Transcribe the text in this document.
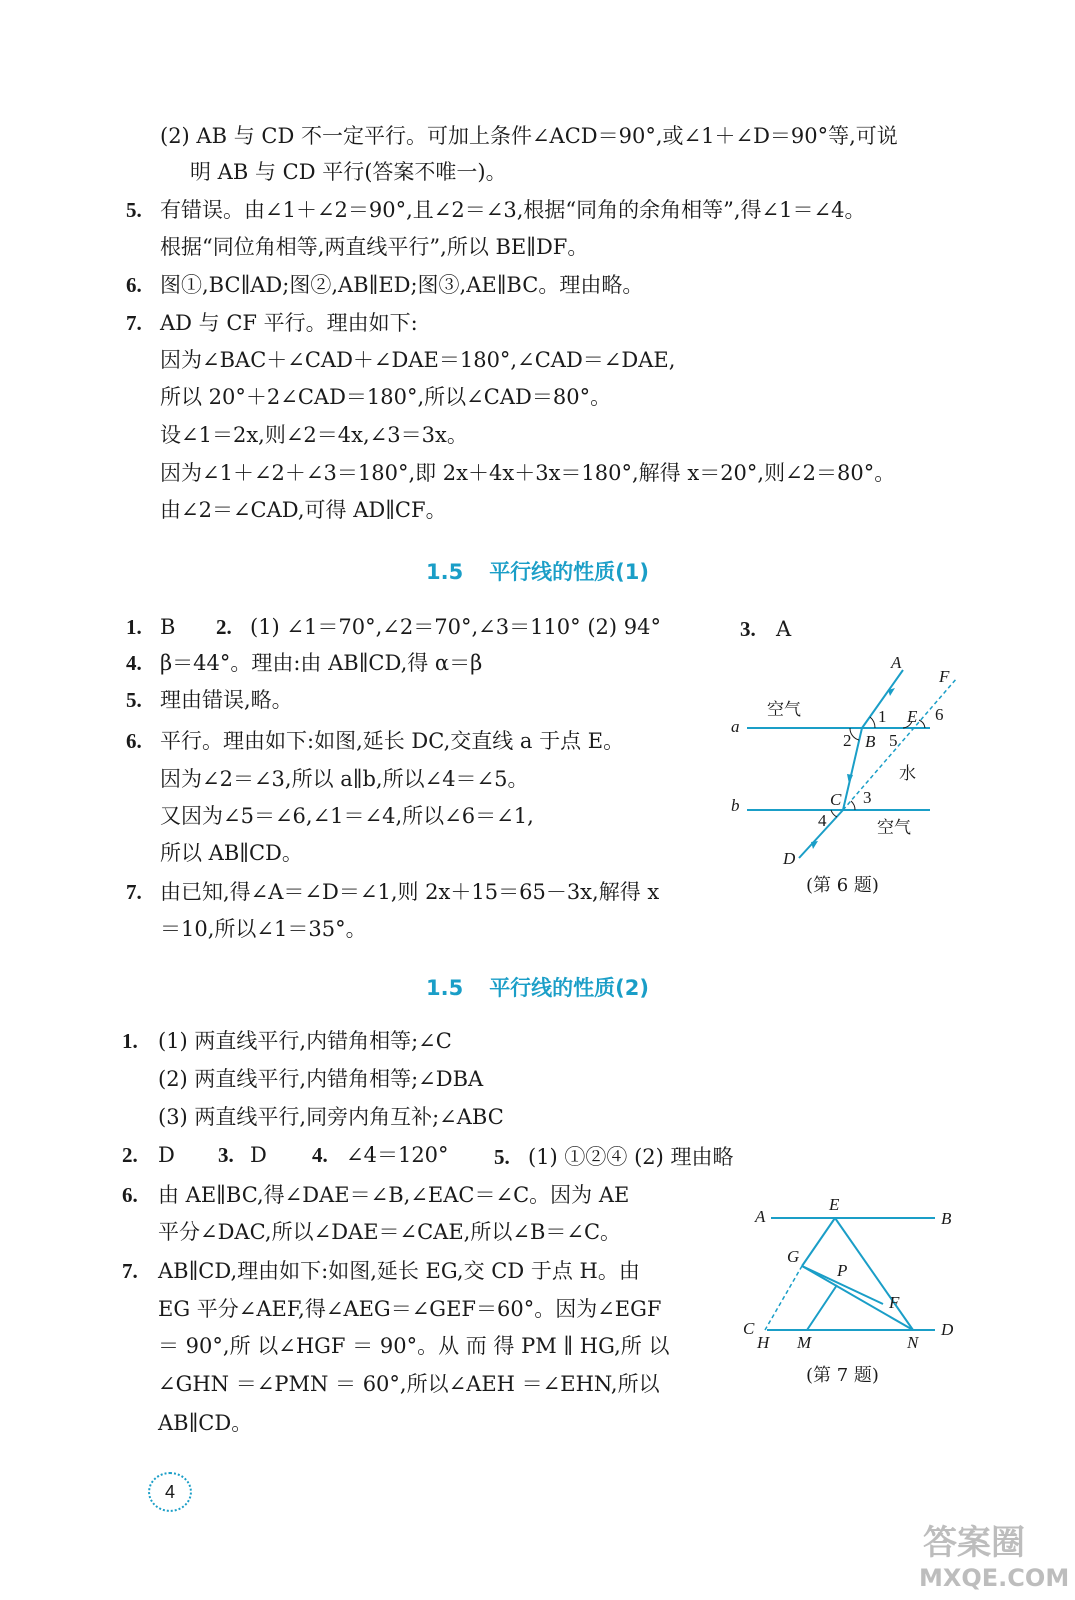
(2) AB 与 CD 不一定平行。可加上条件∠ACD＝90°,或∠1＋∠D＝90°等,可说
明 AB 与 CD 平行(答案不唯一)。
5. 有错误。由∠1＋∠2＝90°,且∠2＝∠3,根据“同角的余角相等”,得∠1＝∠4。
根据“同位角相等,两直线平行”,所以 BE∥DF。
6. 图①,BC∥AD;图②,AB∥ED;图③,AE∥BC。理由略。
7. AD 与 CF 平行。理由如下:
因为∠BAC＋∠CAD＋∠DAE＝180°,∠CAD＝∠DAE,
所以 20°＋2∠CAD＝180°,所以∠CAD＝80°。
设∠1＝2x,则∠2＝4x,∠3＝3x。
因为∠1＋∠2＋∠3＝180°,即 2x＋4x＋3x＝180°,解得 x＝20°,则∠2＝80°。
由∠2＝∠CAD,可得 AD∥CF。
1.5 平行线的性质(1)
1. B 2. (1) ∠1＝70°,∠2＝70°,∠3＝110° (2) 94°	3. A
4. β＝44°。理由:由 AB∥CD,得 α＝β
5. 理由错误,略。
6. 平行。理由如下:如图,延长 DC,交直线 a 于点 E。
因为∠2＝∠3,所以 a∥b,所以∠4＝∠5。
又因为∠5＝∠6,∠1＝∠4,所以∠6＝∠1,
所以 AB∥CD。
7. 由已知,得∠A＝∠D＝∠1,则 2x＋15＝65－3x,解得 x
＝10,所以∠1＝35°。
A
F
E 6
1
a
2 B 5
b	C 3
4
D
空气
水
空气
(第 6 题)
1.5 平行线的性质(2)
1. (1) 两直线平行,内错角相等;∠C
(2) 两直线平行,内错角相等;∠DBA
(3) 两直线平行,同旁内角互补;∠ABC
2. D 3. D 4. ∠4＝120° 5. (1) ①②④ (2) 理由略
6. 由 AE∥BC,得∠DAE＝∠B,∠EAC＝∠C。因为 AE
平分∠DAC,所以∠DAE＝∠CAE,所以∠B＝∠C。
7. AB∥CD,理由如下:如图,延长 EG,交 CD 于点 H。由
EG 平分∠AEF,得∠AEG＝∠GEF＝60°。因为∠EGF
＝ 90°,所 以∠HGF ＝ 90°。从 而 得 PM ∥ HG,所 以
∠GHN ＝∠PMN ＝ 60°,所以∠AEH ＝∠EHN,所以
AB∥CD。
A
E
B
G
P
F
C
H M	N
D
(第 7 题)
4
答案圈
MXQE.COM
